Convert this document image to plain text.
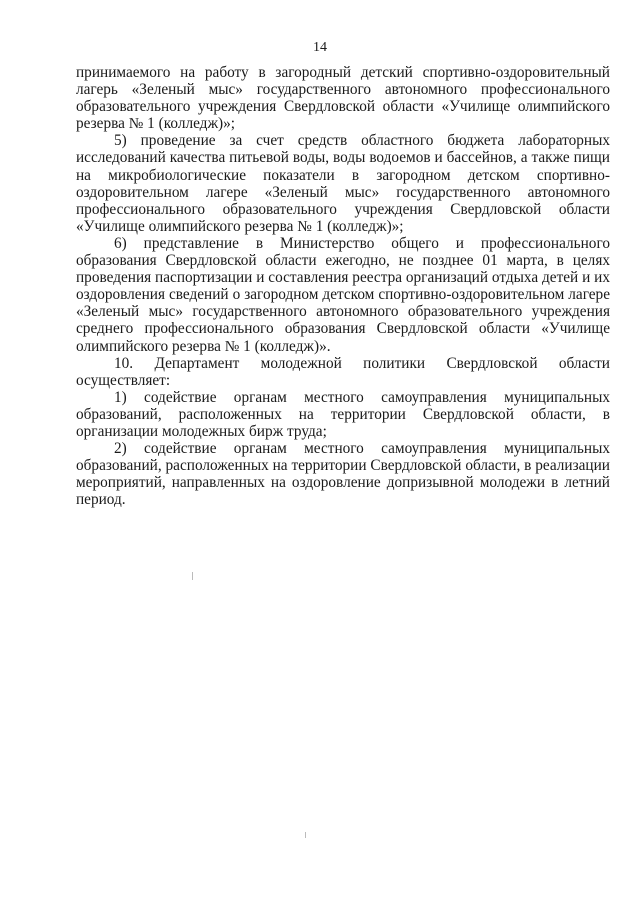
14

принимаемого на работу в загородный детский спортивно-оздоровительный лагерь «Зеленый мыс» государственного автономного профессионального образовательного учреждения Свердловской области «Училище олимпийского резерва № 1 (колледж)»;

5) проведение за счет средств областного бюджета лабораторных исследований качества питьевой воды, воды водоемов и бассейнов, а также пищи на микробиологические показатели в загородном детском спортивно-оздоровительном лагере «Зеленый мыс» государственного автономного профессионального образовательного учреждения Свердловской области «Училище олимпийского резерва № 1 (колледж)»;

6) представление в Министерство общего и профессионального образования Свердловской области ежегодно, не позднее 01 марта, в целях проведения паспортизации и составления реестра организаций отдыха детей и их оздоровления сведений о загородном детском спортивно-оздоровительном лагере «Зеленый мыс» государственного автономного образовательного учреждения среднего профессионального образования Свердловской области «Училище олимпийского резерва № 1 (колледж)».

10. Департамент молодежной политики Свердловской области осуществляет:

1) содействие органам местного самоуправления муниципальных образований, расположенных на территории Свердловской области, в организации молодежных бирж труда;

2) содействие органам местного самоуправления муниципальных образований, расположенных на территории Свердловской области, в реализации мероприятий, направленных на оздоровление допризывной молодежи в летний период.
